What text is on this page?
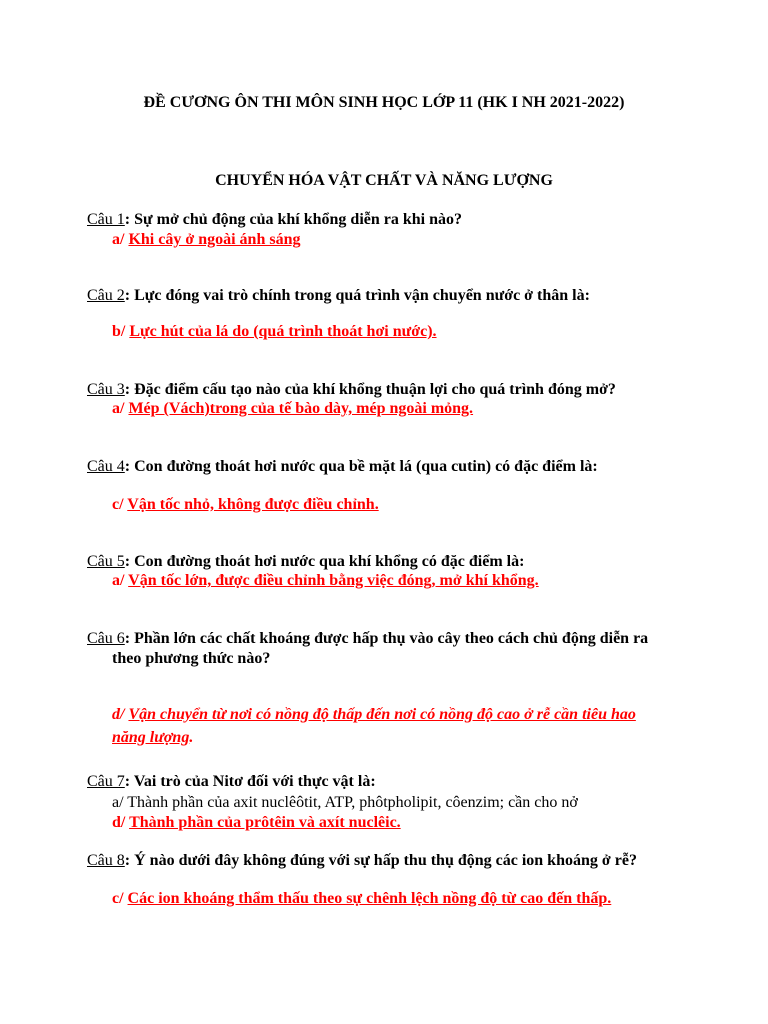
ĐỀ CƯƠNG ÔN THI MÔN SINH HỌC LỚP 11 (HK I NH 2021-2022)
CHUYỂN HÓA VẬT CHẤT VÀ NĂNG LƯỢNG
Câu 1: Sự mở chủ động của khí khổng diễn ra khi nào?
a/ Khi cây ở ngoài ánh sáng
Câu 2: Lực đóng vai trò chính trong quá trình vận chuyển nước ở thân là:
b/ Lực hút của lá do (quá trình thoát hơi nước).
Câu 3: Đặc điểm cấu tạo nào của khí khổng thuận lợi cho quá trình đóng mở?
a/ Mép (Vách)trong của tế bào dày, mép ngoài mỏng.
Câu 4: Con đường thoát hơi nước qua bề mặt lá (qua cutin) có đặc điểm là:
c/ Vận tốc nhỏ, không được điều chỉnh.
Câu 5: Con đường thoát hơi nước qua khí khổng có đặc điểm là:
a/ Vận tốc lớn, được điều chỉnh bằng việc đóng, mở khí khổng.
Câu 6: Phần lớn các chất khoáng được hấp thụ vào cây theo cách chủ động diễn ra
theo phương thức nào?
d/ Vận chuyển từ nơi có nồng độ thấp đến nơi có nồng độ cao ở rễ cần tiêu hao
năng lượng.
Câu 7: Vai trò của Nitơ đối với thực vật là:
a/ Thành phần của axit nuclêôtit, ATP, phôtpholipit, côenzim; cần cho nở
d/ Thành phần của prôtêin và axít nuclêic.
Câu 8: Ý nào dưới đây không đúng với sự hấp thu thụ động các ion khoáng ở rễ?
c/ Các ion khoáng thẩm thấu theo sự chênh lệch nồng độ từ cao đến thấp.
